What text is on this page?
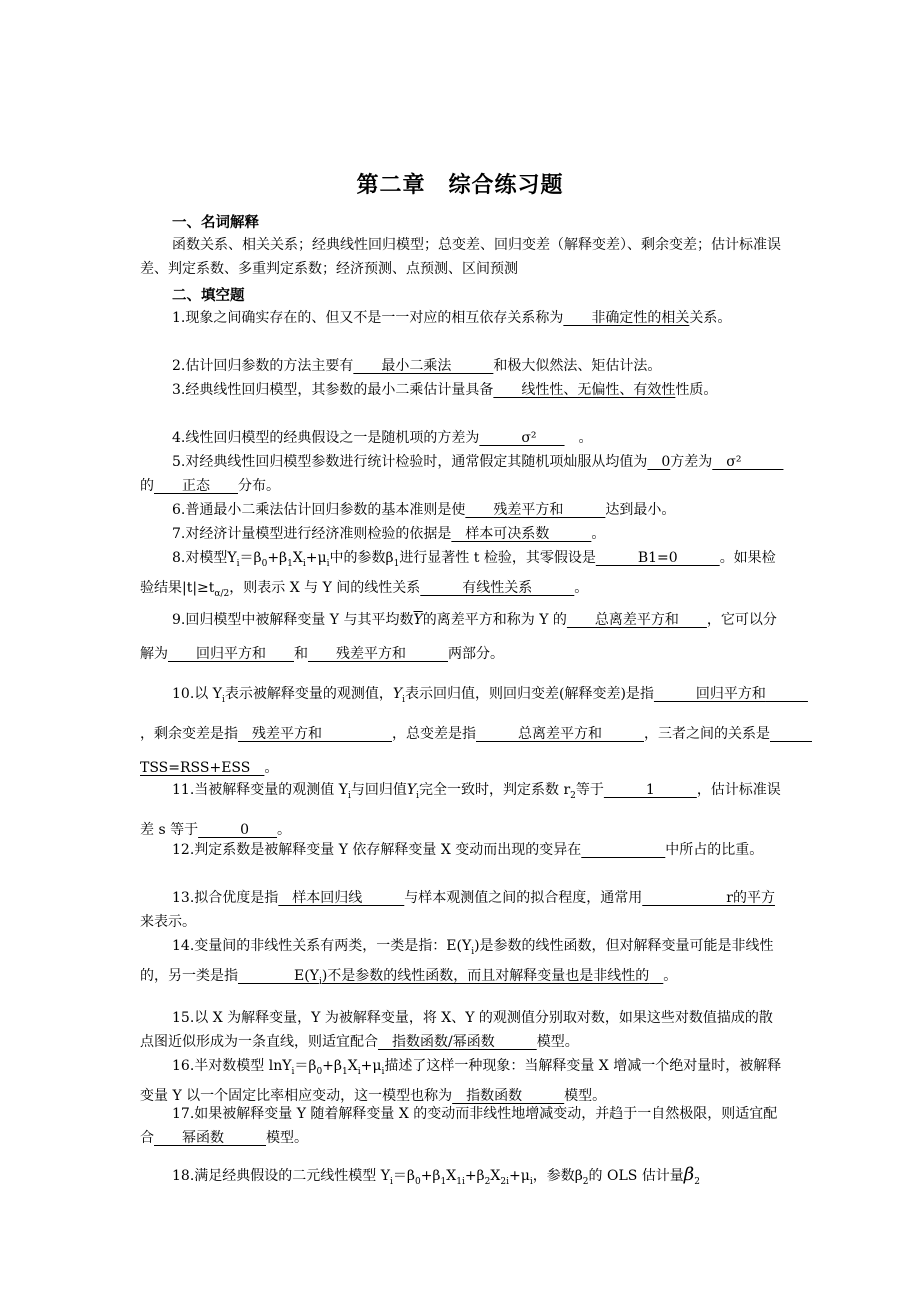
第二章　综合练习题
一、名词解释
函数关系、相关关系；经典线性回归模型；总变差、回归变差（解释变差）、剩余变差；估计标准误差、判定系数、多重判定系数；经济预测、点预测、区间预测
二、填空题
1.现象之间确实存在的、但又不是一一对应的相互依存关系称为　　非确定性的相关关系。
2.估计回归参数的方法主要有　　最小二乘法　　　和极大似然法、矩估计法。
3.经典线性回归模型，其参数的最小二乘估计量具备　　线性性、无偏性、有效性性质。
4.线性回归模型的经典假设之一是随机项的方差为　　　σ²　　　。
5.对经典线性回归模型参数进行统计检验时，通常假定其随机项灿服从均值为　0方差为　σ²　　　的　　正态　　分布。
6.普通最小二乘法估计回归参数的基本准则是使　　残差平方和　　　达到最小。
7.对经济计量模型进行经济准则检验的依据是　样本可决系数　　　。
8.对模型$Y_i=\beta_0+\beta_1X_i+\mu_i$中的参数$\beta_1$进行显著性 t 检验，其零假设是　　　B1=0　　　。如果检验结果$|t|\ge t_{\alpha/2}$，则表示 X 与 Y 间的线性关系　　　有线性关系　　　。
9.回归模型中被解释变量 Y 与其平均数$\overline{Y}$的离差平方和称为 Y 的　　总离差平方和　　，它可以分解为　　回归平方和　　和　　残差平方和　　　两部分。
10.以 $Y_i$表示被解释变量的观测值，$Y_i$表示回归值，则回归变差(解释变差)是指　　　回归平方和　　　，剩余变差是指　残差平方和　　　　　，总变差是指　　　总离差平方和　　　，三者之间的关系是　　　TSS=RSS+ESS　。
11.当被解释变量的观测值 $Y_i$与回归值$Y_i$完全一致时，判定系数 $r_2$等于　　　1　　　，估计标准误差 s 等于　　　0　　。
12.判定系数是被解释变量 Y 依存解释变量 X 变动而出现的变异在　　　　　　	中所占的比重。
13.拟合优度是指　样本回归线　　　与样本观测值之间的拟合程度，通常用　　　　　　r的平方来表示。
14.变量间的非线性关系有两类，一类是指：$E(Y_i)$是参数的线性函数，但对解释变量可能是非线性的，另一类是指　　　　$E(Y_i)$不是参数的线性函数，而且对解释变量也是非线性的　 。
15.以 X 为解释变量，Y 为被解释变量，将 X、Y 的观测值分别取对数，如果这些对数值描成的散点图近似形成为一条直线，则适宜配合　指数函数/幂函数　　　模型。
16.半对数模型 $\ln Y_i=\beta_0+\beta_1X_i+\mu_i$描述了这样一种现象：当解释变量 X 增减一个绝对量时，被解释变量 Y 以一个固定比率相应变动，这一模型也称为　指数函数　　　模型。
17.如果被解释变量 Y 随着解释变量 X 的变动而非线性地增减变动，并趋于一自然极限，则适宜配合　　幂函数　　　模型。
18.满足经典假设的二元线性模型 $Y_i=\beta_0+\beta_1X_{1i}+\beta_2X_{2i}+\mu_i$，参数$\beta_2$的 OLS 估计量$\beta_2$
